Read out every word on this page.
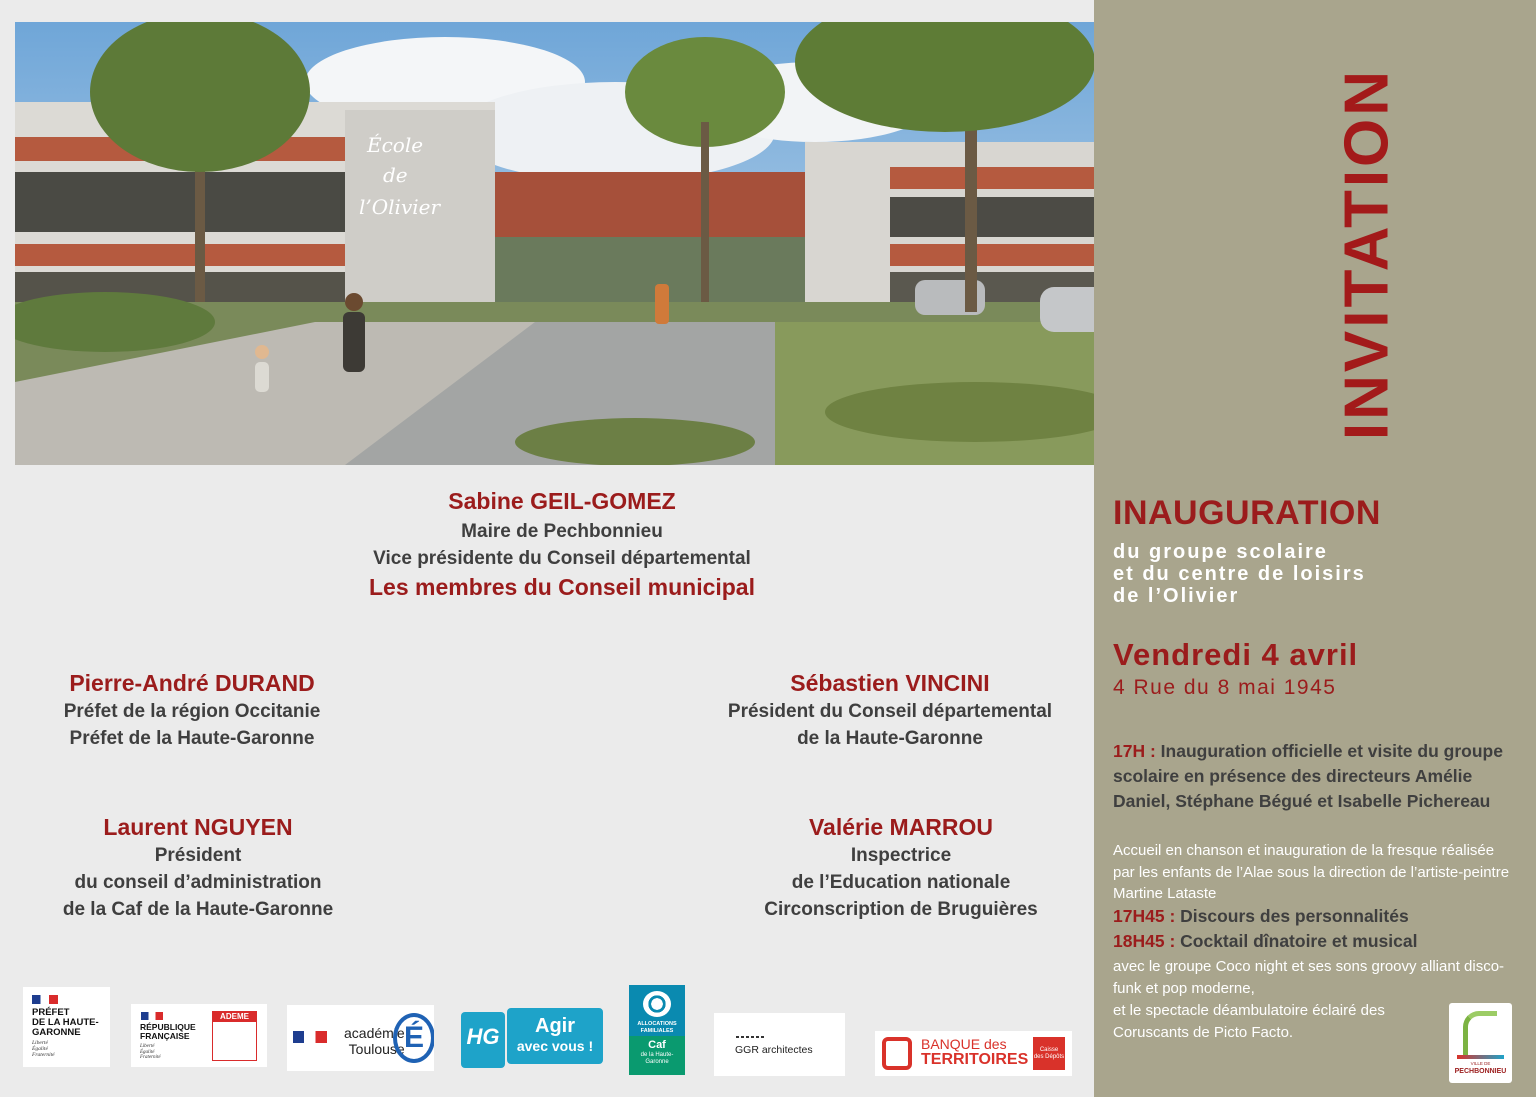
École
de
l’Olivier
Sabine GEIL-GOMEZ
Maire de Pechbonnieu
Vice présidente du Conseil départemental
Les membres du Conseil municipal
Pierre-André DURAND
Préfet de la région Occitanie
Préfet de la Haute-Garonne
Sébastien VINCINI
Président du Conseil départemental
de la Haute-Garonne
Laurent NGUYEN
Président
du conseil d’administration
de la Caf de la Haute-Garonne
Valérie MARROU
Inspectrice
de l’Education nationale
Circonscription de Bruguières
PRÉFET
DE LA HAUTE-
GARONNE
Liberté
Égalité
Fraternité
RÉPUBLIQUE
FRANÇAISE
Liberté
Égalité
Fraternité
ADEME
académie
Toulouse É	HG	Agir
avec vous !
ALLOCATIONS
FAMILIALES
Caf
de la Haute-
Garonne
GGR architectes	BANQUE des
TERRITOIRES
Caisse
des Dépôts
INVITATION
INAUGURATION
du groupe scolaire
et du centre de loisirs
de l’Olivier
Vendredi 4 avril
4 Rue du 8 mai 1945
17H : Inauguration officielle et visite du groupe scolaire en présence des directeurs Amélie Daniel, Stéphane Bégué et Isabelle Pichereau
Accueil en chanson et inauguration de la fresque réalisée par les enfants de l’Alae sous la direction de l’artiste-peintre Martine Lataste
17H45 : Discours des personnalités
18H45 : Cocktail dînatoire et musical
avec le groupe Coco night et ses sons groovy alliant disco-funk et pop moderne,
et le spectacle déambulatoire éclairé des Coruscants de Picto Facto.
VILLE DE
PECHBONNIEU
